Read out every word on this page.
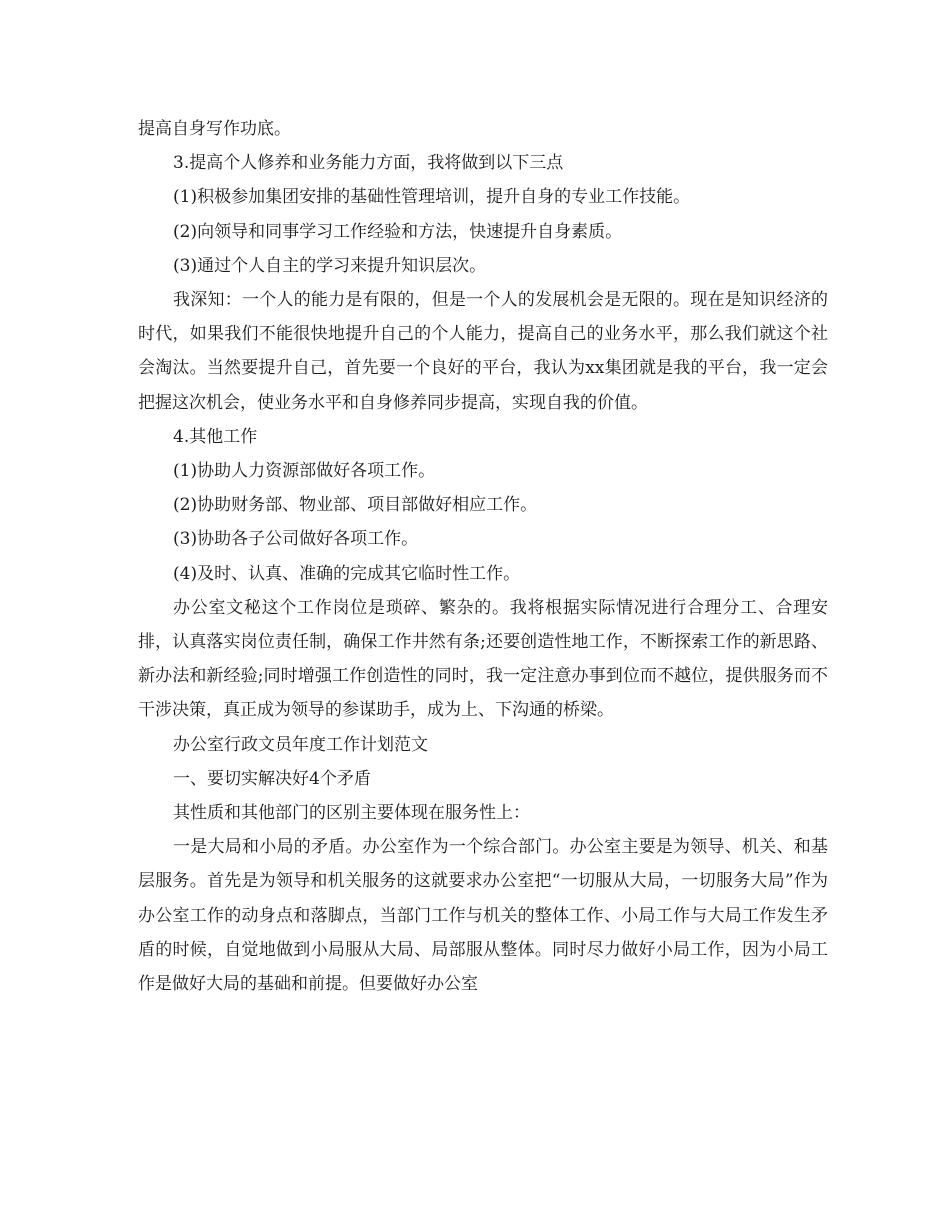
提高自身写作功底。

3.提高个人修养和业务能力方面，我将做到以下三点

(1)积极参加集团安排的基础性管理培训，提升自身的专业工作技能。

(2)向领导和同事学习工作经验和方法，快速提升自身素质。

(3)通过个人自主的学习来提升知识层次。

我深知：一个人的能力是有限的，但是一个人的发展机会是无限的。现在是知识经济的时代，如果我们不能很快地提升自己的个人能力，提高自己的业务水平，那么我们就这个社会淘汰。当然要提升自己，首先要一个良好的平台，我认为xx集团就是我的平台，我一定会把握这次机会，使业务水平和自身修养同步提高，实现自我的价值。

4.其他工作

(1)协助人力资源部做好各项工作。

(2)协助财务部、物业部、项目部做好相应工作。

(3)协助各子公司做好各项工作。

(4)及时、认真、准确的完成其它临时性工作。

办公室文秘这个工作岗位是琐碎、繁杂的。我将根据实际情况进行合理分工、合理安排，认真落实岗位责任制，确保工作井然有条;还要创造性地工作，不断探索工作的新思路、新办法和新经验;同时增强工作创造性的同时，我一定注意办事到位而不越位，提供服务而不干涉决策，真正成为领导的参谋助手，成为上、下沟通的桥梁。

办公室行政文员年度工作计划范文

一、要切实解决好4个矛盾

其性质和其他部门的区别主要体现在服务性上：

一是大局和小局的矛盾。办公室作为一个综合部门。办公室主要是为领导、机关、和基层服务。首先是为领导和机关服务的这就要求办公室把“一切服从大局，一切服务大局”作为办公室工作的动身点和落脚点，当部门工作与机关的整体工作、小局工作与大局工作发生矛盾的时候，自觉地做到小局服从大局、局部服从整体。同时尽力做好小局工作，因为小局工作是做好大局的基础和前提。但要做好办公室
